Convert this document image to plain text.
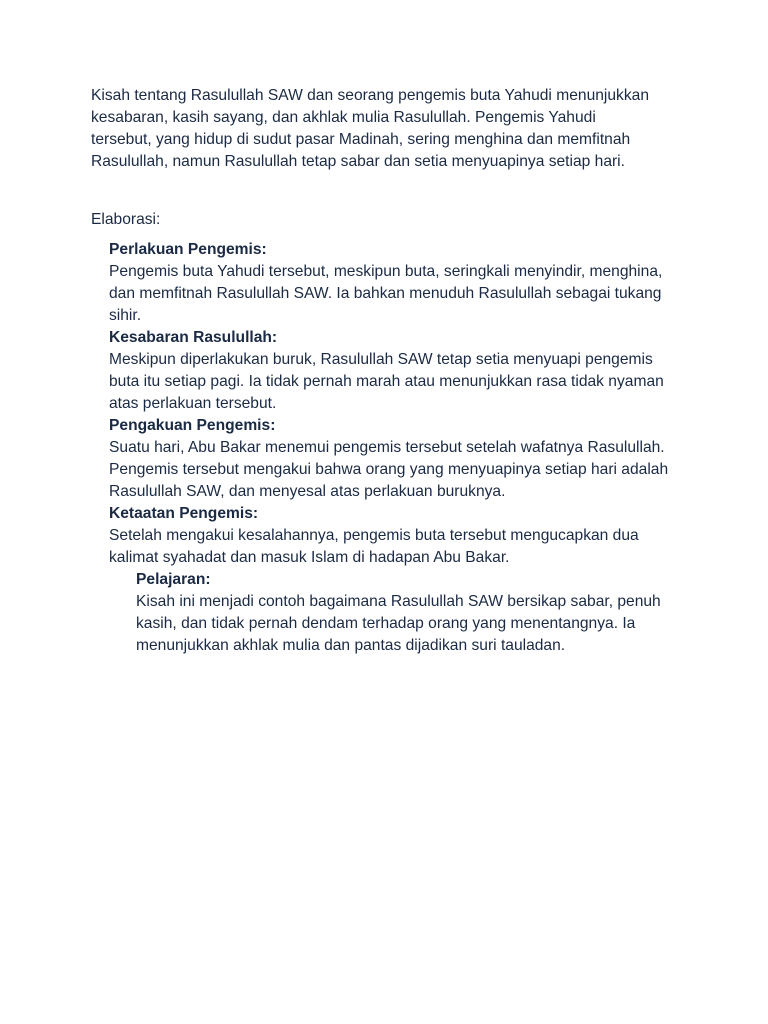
Kisah tentang Rasulullah SAW dan seorang pengemis buta Yahudi menunjukkan kesabaran, kasih sayang, dan akhlak mulia Rasulullah. Pengemis Yahudi tersebut, yang hidup di sudut pasar Madinah, sering menghina dan memfitnah Rasulullah, namun Rasulullah tetap sabar dan setia menyuapinya setiap hari.

Elaborasi:

Perlakuan Pengemis:

Pengemis buta Yahudi tersebut, meskipun buta, seringkali menyindir, menghina, dan memfitnah Rasulullah SAW. Ia bahkan menuduh Rasulullah sebagai tukang sihir.

Kesabaran Rasulullah:

Meskipun diperlakukan buruk, Rasulullah SAW tetap setia menyuapi pengemis buta itu setiap pagi. Ia tidak pernah marah atau menunjukkan rasa tidak nyaman atas perlakuan tersebut.

Pengakuan Pengemis:

Suatu hari, Abu Bakar menemui pengemis tersebut setelah wafatnya Rasulullah. Pengemis tersebut mengakui bahwa orang yang menyuapinya setiap hari adalah Rasulullah SAW, dan menyesal atas perlakuan buruknya.

Ketaatan Pengemis:

Setelah mengakui kesalahannya, pengemis buta tersebut mengucapkan dua kalimat syahadat dan masuk Islam di hadapan Abu Bakar.

Pelajaran:

Kisah ini menjadi contoh bagaimana Rasulullah SAW bersikap sabar, penuh kasih, dan tidak pernah dendam terhadap orang yang menentangnya. Ia menunjukkan akhlak mulia dan pantas dijadikan suri tauladan.
